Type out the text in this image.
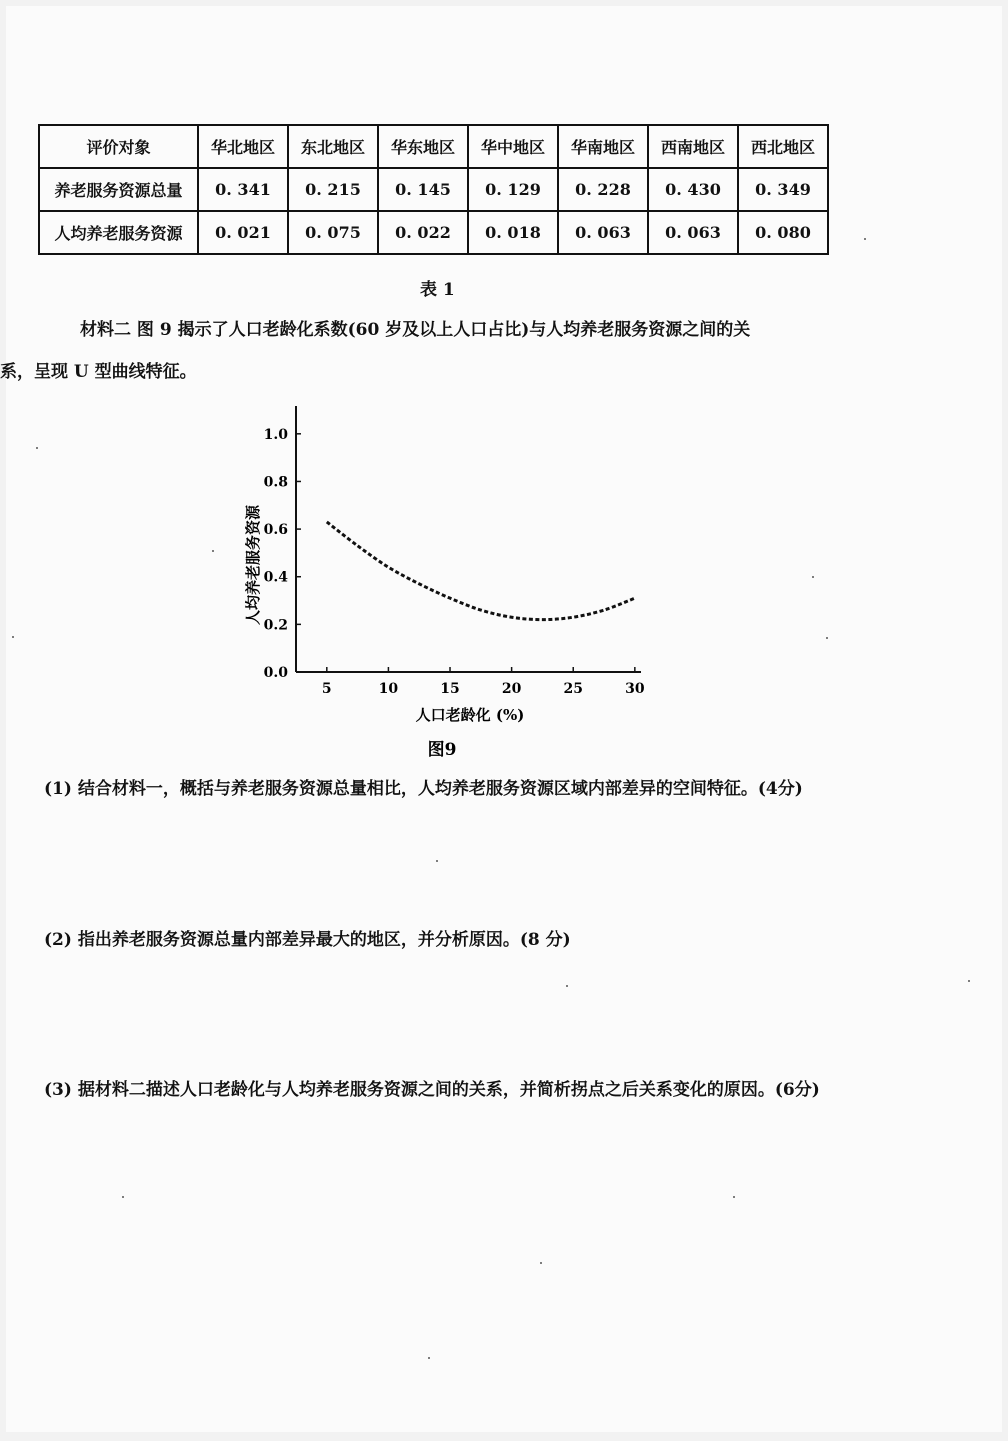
评价对象	华北地区	东北地区	华东地区	华中地区	华南地区	西南地区	西北地区
养老服务资源总量	0. 341	0. 215	0. 145	0. 129	0. 228	0. 430	0. 349
人均养老服务资源	0. 021	0. 075	0. 022	0. 018	0. 063	0. 063	0. 080
表 1
材料二 图 9 揭示了人口老龄化系数(60 岁及以上人口占比)与人均养老服务资源之间的关
系，呈现 U 型曲线特征。
0.0
0.2
0.4
0.6
0.8
1.0
5	10	15	20	25	30
人均养老服务资源
人口老龄化 (%)
图9
(1) 结合材料一，概括与养老服务资源总量相比，人均养老服务资源区域内部差异的空间特征。(4分)
(2) 指出养老服务资源总量内部差异最大的地区，并分析原因。(8 分)
(3) 据材料二描述人口老龄化与人均养老服务资源之间的关系，并简析拐点之后关系变化的原因。(6分)
